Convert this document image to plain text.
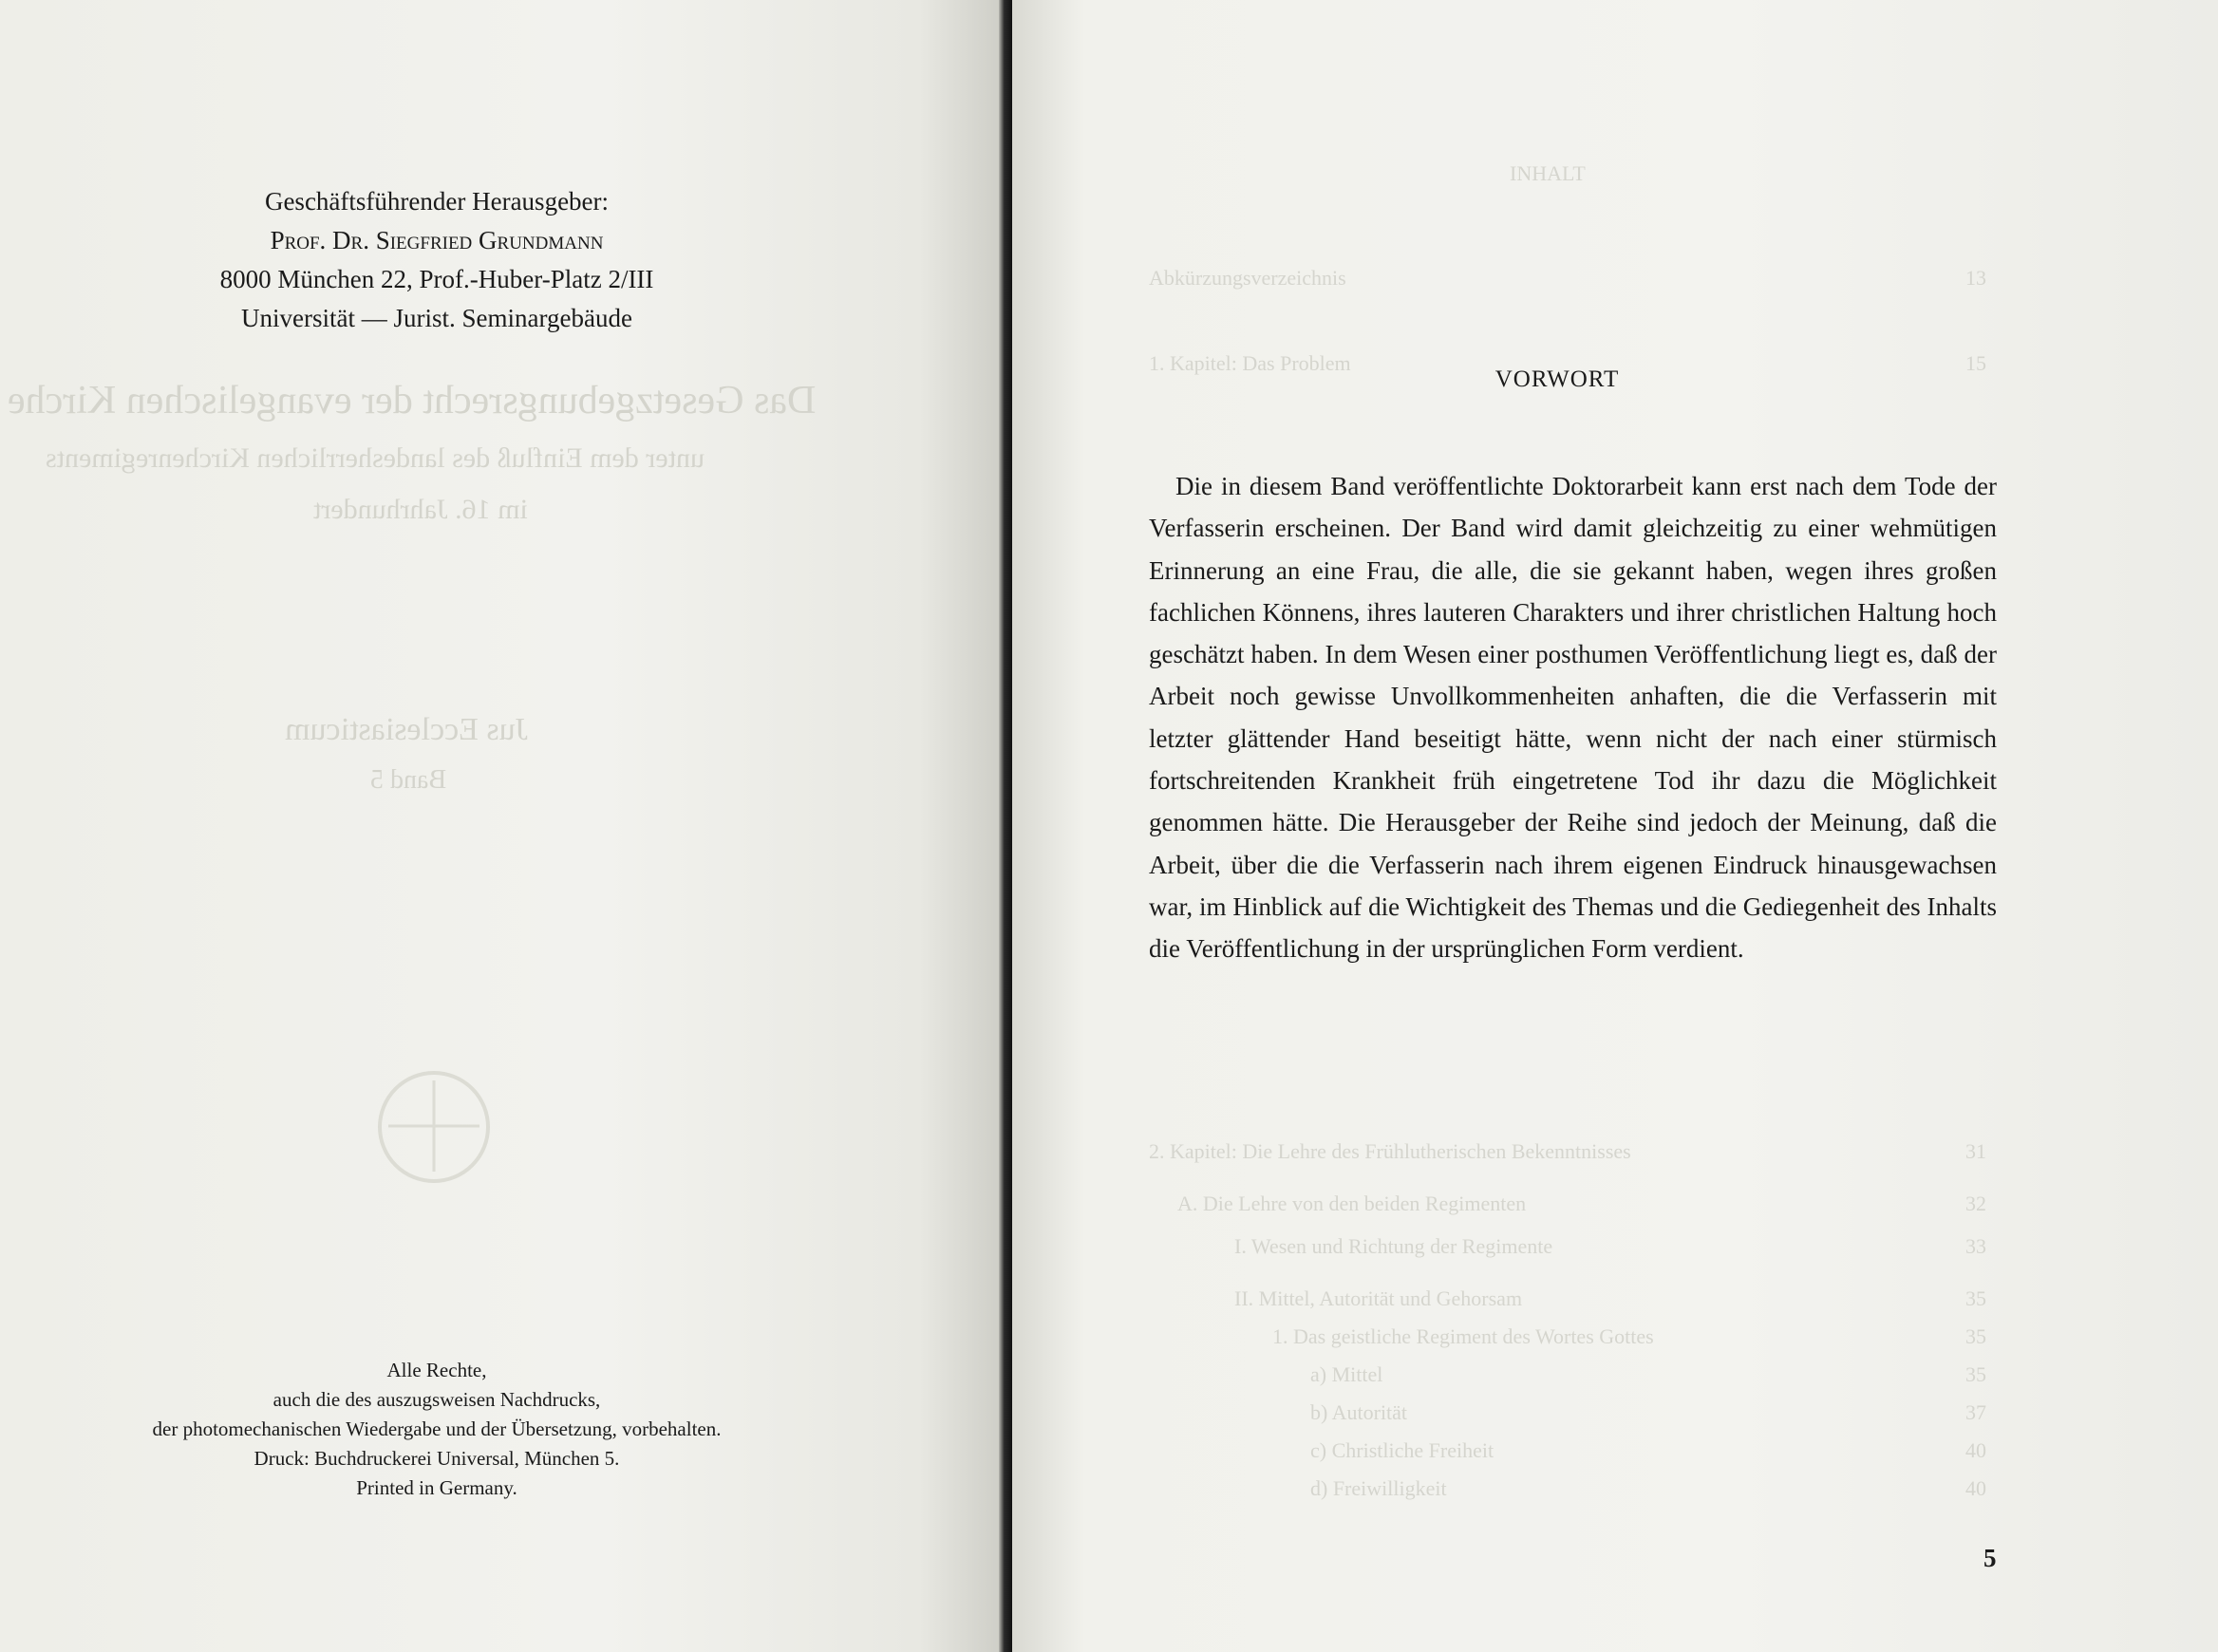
Das Gesetzgebungsrecht der evangelischen Kirche
unter dem Einfluß des landesherrlichen Kirchenregiments
im 16. Jahrhundert
Jus Ecclesiasticum
Band 5
Geschäftsführender Herausgeber:
Prof. Dr. Siegfried Grundmann
8000 München 22, Prof.-Huber-Platz 2/III
Universität — Jurist. Seminargebäude
Alle Rechte,
auch die des auszugsweisen Nachdrucks,
der photomechanischen Wiedergabe und der Übersetzung, vorbehalten.
Druck: Buchdruckerei Universal, München 5.
Printed in Germany.
INHALT
Abkürzungsverzeichnis	13
1. Kapitel: Das Problem	15
2. Kapitel: Die Lehre des Frühlutherischen Bekenntnisses	31
A. Die Lehre von den beiden Regimenten	32
I. Wesen und Richtung der Regimente	33
II. Mittel, Autorität und Gehorsam	35
1. Das geistliche Regiment des Wortes Gottes	35
a) Mittel	35
b) Autorität	37
c) Christliche Freiheit	40
d) Freiwilligkeit	40
VORWORT

Die in diesem Band veröffentlichte Doktorarbeit kann erst nach dem Tode der Verfasserin erscheinen. Der Band wird damit gleichzeitig zu einer wehmütigen Erinnerung an eine Frau, die alle, die sie gekannt haben, wegen ihres großen fachlichen Könnens, ihres lauteren Charakters und ihrer christlichen Haltung hoch geschätzt haben. In dem Wesen einer posthumen Veröffentlichung liegt es, daß der Arbeit noch gewisse Unvollkommenheiten anhaften, die die Verfasserin mit letzter glättender Hand beseitigt hätte, wenn nicht der nach einer stürmisch fortschreitenden Krankheit früh eingetretene Tod ihr dazu die Möglichkeit genommen hätte. Die Herausgeber der Reihe sind jedoch der Meinung, daß die Arbeit, über die die Verfasserin nach ihrem eigenen Eindruck hinausgewachsen war, im Hinblick auf die Wichtigkeit des Themas und die Gediegenheit des Inhalts die Veröffentlichung in der ursprünglichen Form verdient.

5
